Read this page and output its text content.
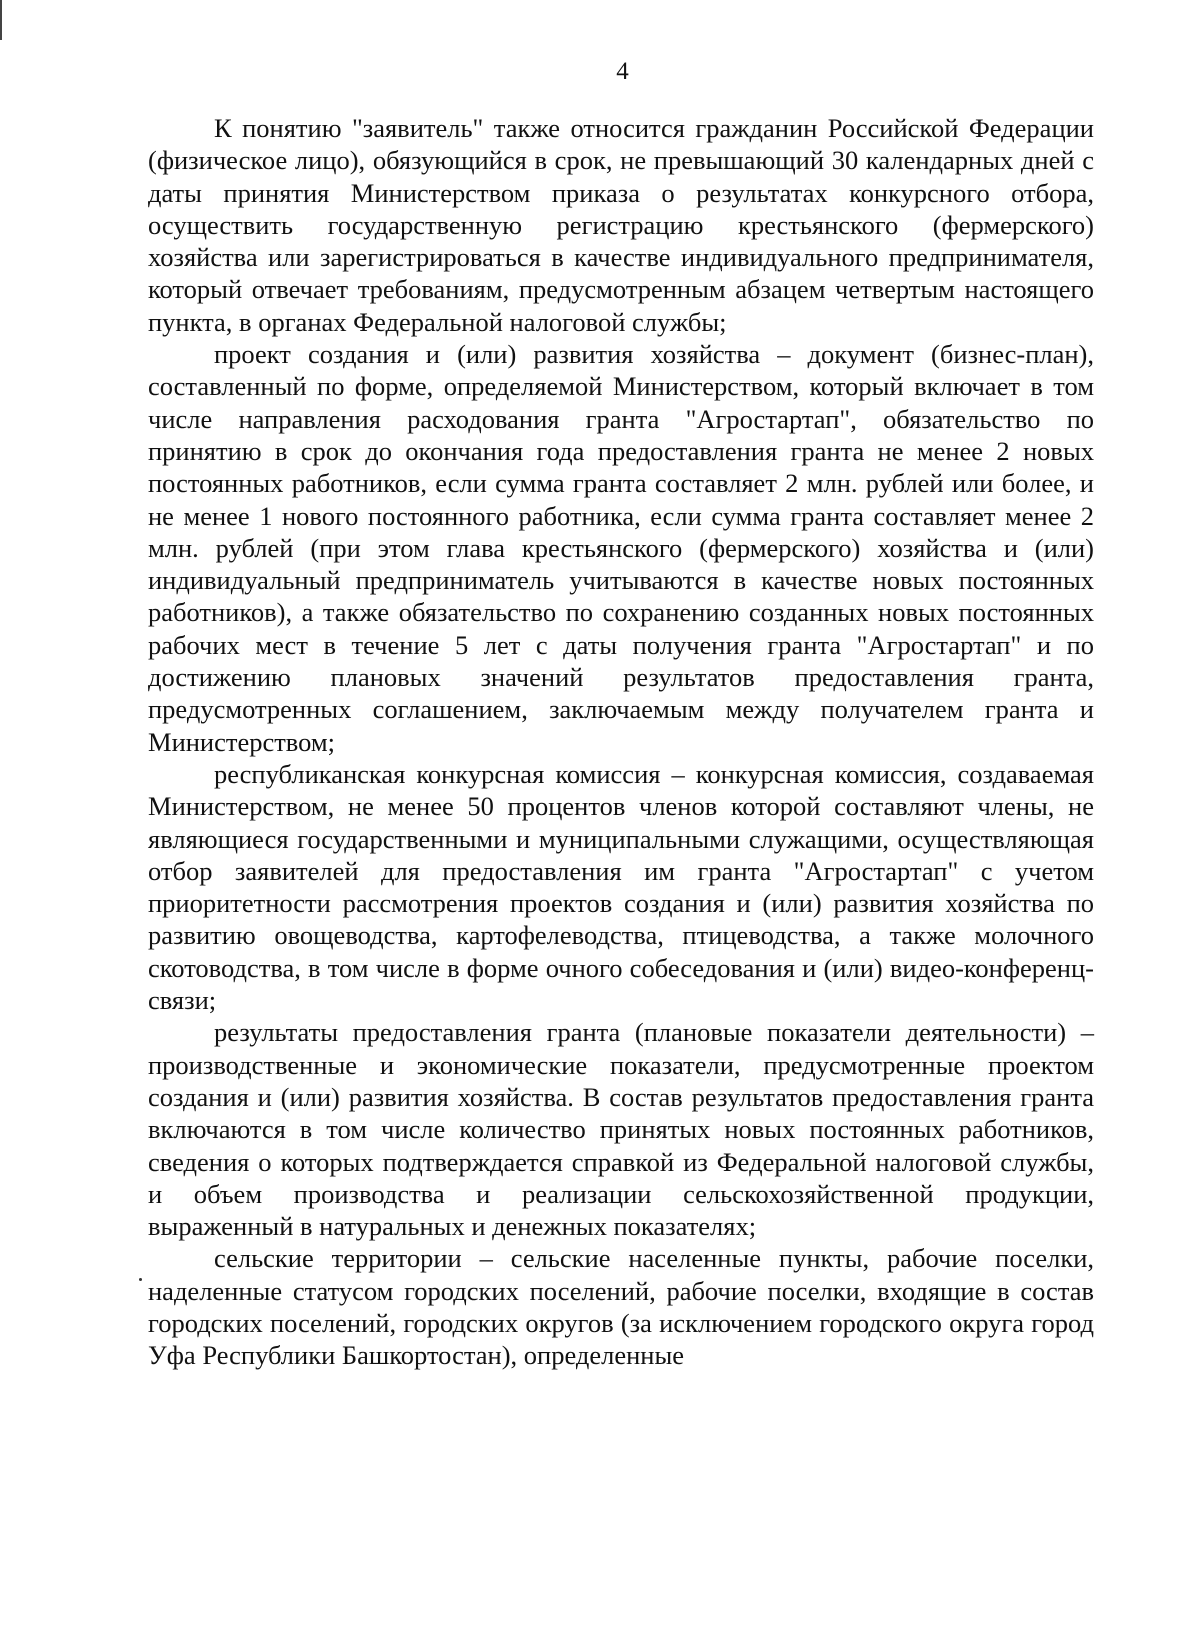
4

К понятию "заявитель" также относится гражданин Российской Федерации (физическое лицо), обязующийся в срок, не превышающий 30 календарных дней с даты принятия Министерством приказа о результатах конкурсного отбора, осуществить государственную регистрацию крестьянского (фермерского) хозяйства или зарегистрироваться в качестве индивидуального предпринимателя, который отвечает требованиям, предусмотренным абзацем четвертым настоящего пункта, в органах Федеральной налоговой службы;

проект создания и (или) развития хозяйства – документ (бизнес-план), составленный по форме, определяемой Министерством, который включает в том числе направления расходования гранта "Агростартап", обязательство по принятию в срок до окончания года предоставления гранта не менее 2 новых постоянных работников, если сумма гранта составляет 2 млн. рублей или более, и не менее 1 нового постоянного работника, если сумма гранта составляет менее 2 млн. рублей (при этом глава крестьянского (фермерского) хозяйства и (или) индивидуальный предприниматель учитываются в качестве новых постоянных работников), а также обязательство по сохранению созданных новых постоянных рабочих мест в течение 5 лет с даты получения гранта "Агростартап" и по достижению плановых значений результатов предоставления гранта, предусмотренных соглашением, заключаемым между получателем гранта и Министерством;

республиканская конкурсная комиссия – конкурсная комиссия, создаваемая Министерством, не менее 50 процентов членов которой составляют члены, не являющиеся государственными и муниципальными служащими, осуществляющая отбор заявителей для предоставления им гранта "Агростартап" с учетом приоритетности рассмотрения проектов создания и (или) развития хозяйства по развитию овощеводства, картофелеводства, птицеводства, а также молочного скотоводства, в том числе в форме очного собеседования и (или) видео-конференц-связи;

результаты предоставления гранта (плановые показатели деятельности) – производственные и экономические показатели, предусмотренные проектом создания и (или) развития хозяйства. В состав результатов предоставления гранта включаются в том числе количество принятых новых постоянных работников, сведения о которых подтверждается справкой из Федеральной налоговой службы, и объем производства и реализации сельскохозяйственной продукции, выраженный в натуральных и денежных показателях;

сельские территории – сельские населенные пункты, рабочие поселки, наделенные статусом городских поселений, рабочие поселки, входящие в состав городских поселений, городских округов (за исключением городского округа город Уфа Республики Башкортостан), определенные
